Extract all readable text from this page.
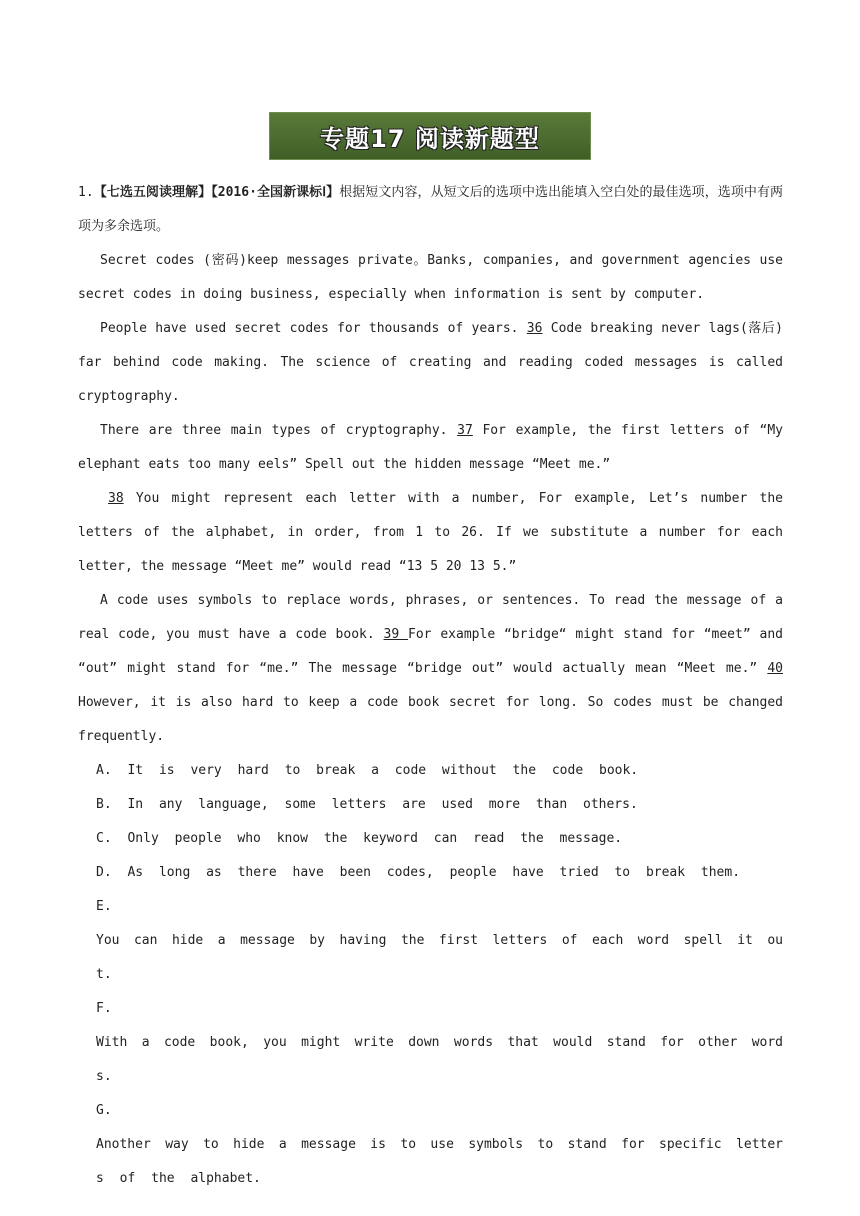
专题17 阅读新题型

1.【七选五阅读理解】【2016·全国新课标Ⅰ】根据短文内容，从短文后的选项中选出能填入空白处的最佳选项，选项中有两项为多余选项。

Secret codes (密码)keep messages private。Banks, companies, and government agencies use secret codes in doing business, especially when information is sent by computer.

People have used secret codes for thousands of years. 36 Code breaking never lags(落后) far behind code making. The science of creating and reading coded messages is called cryptography.

There are three main types of cryptography. 37 For example, the first letters of “My elephant eats too many eels” Spell out the hidden message “Meet me.”

38 You might represent each letter with a number, For example, Let’s number the letters of the alphabet, in order, from 1 to 26. If we substitute a number for each letter, the message “Meet me” would read “13 5 20 13 5.”

A code uses symbols to replace words, phrases, or sentences. To read the message of a real code, you must have a code book. 39 For example “bridge“ might stand for “meet” and “out” might stand for “me.” The message “bridge out” would actually mean “Meet me.” 40 However, it is also hard to keep a code book secret for long. So codes must be changed frequently.

A. It is very hard to break a code without the code book.

B. In any language, some letters are used more than others.

C. Only people who know the keyword can read the message.

D. As long as there have been codes, people have tried to break them.

E.

You can hide a message by having the first letters of each word spell it ou

t.

F.

With a code book, you might write down words that would stand for other word

s.

G.

Another way to hide a message is to use symbols to stand for specific letter

s of the alphabet.
